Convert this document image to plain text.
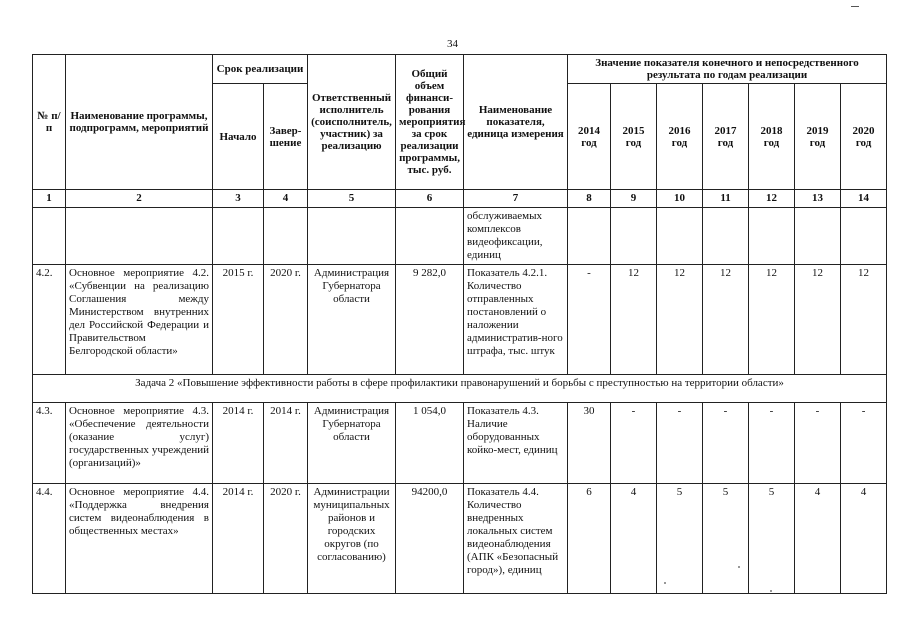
34
№ п/п	Наименование программы, подпрограмм, мероприятий	Срок реализации		Ответственный исполнитель (соисполнитель, участник) за реализацию	Общий объем финанси-рования мероприятия за срок реализации программы, тыс. руб.	Наименование показателя, единица измерения	Значение показателя конечного и непосредственного результата по годам реализации						
		Начало	Завер-шение				2014 год	2015 год	2016 год	2017 год	2018 год	2019 год	2020 год
1	2	3	4	5	6	7	8	9	10	11	12	13	14
						обслуживаемых комплексов видеофиксации, единиц							
4.2.	Основное мероприятие 4.2. «Субвенции на реализацию Соглашения между Министерством внутренних дел Российской Федерации и Правительством Белгородской области»	2015 г.	2020 г.	Администрация Губернатора области	9 282,0	Показатель 4.2.1. Количество отправленных постановлений о наложении административ-ного штрафа, тыс. штук	-	12	12	12	12	12	12
Задача 2 «Повышение эффективности работы в сфере профилактики правонарушений и борьбы с преступностью на территории области»													
4.3.	Основное мероприятие 4.3. «Обеспечение деятельности (оказание услуг) государственных учреждений (организаций)»	2014 г.	2014 г.	Администрация Губернатора области	1 054,0	Показатель 4.3. Наличие оборудованных койко-мест, единиц	30	-	-	-	-	-	-
4.4.	Основное мероприятие 4.4. «Поддержка внедрения систем видеонаблюдения в общественных местах»	2014 г.	2020 г.	Администрации муниципальных районов и городских округов (по согласованию)	94200,0	Показатель 4.4. Количество внедренных локальных систем видеонаблюдения (АПК «Безопасный город»), единиц	6	4	5	5	5	4	4
